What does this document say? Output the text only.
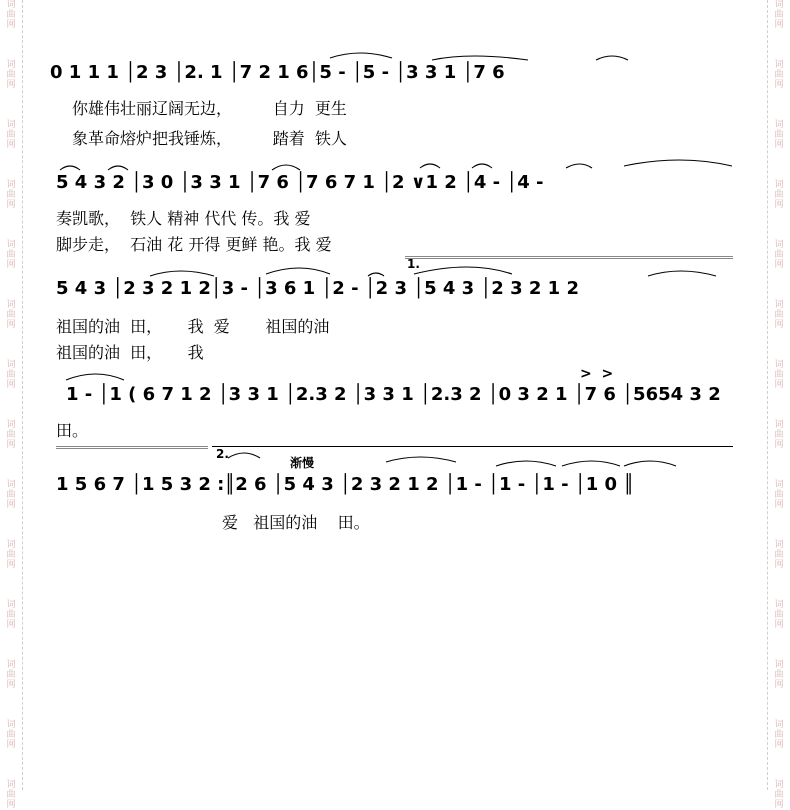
词
曲
网
词
曲
网
词
曲
网
词
曲
网
词
曲
网
词
曲
网
词
曲
网
词
曲
网
词
曲
网
词
曲
网
词
曲
网
词
曲
网
词
曲
网
词
曲
网
词
曲
网
词
曲
网
词
曲
网
词
曲
网
词
曲
网
词
曲
网
词
曲
网
词
曲
网
词
曲
网
词
曲
网
词
曲
网
词
曲
网
词
曲
网
词
曲
网
0 1 1 1 │2 3 │2. 1 │7 2 1 6│5 - │5 - │3 3 1 │7 6
你雄伟壮丽辽阔无边，        自力  更生
象革命熔炉把我锤炼，        踏着  铁人
5 4 3 2 │3 0 │3 3 1 │7 6 │7 6 7 1 │2 ∨1 2 │4 - │4 -
奏凯歌，  铁人 精神 代代 传。我 爱
脚步走，  石油 花 开得 更鲜 艳。我 爱
1.
5 4 3 │2 3 2 1 2│3 - │3 6 1 │2 - │2 3 │5 4 3 │2 3 2 1 2
祖国的油  田，     我  爱       祖国的油
祖国的油  田，     我
>  >
1 - │1 ( 6 7 1 2 │3 3 1 │2.3 2 │3 3 1 │2.3 2 │0 3 2 1 │7 6 │5654 3 2
田。
2.
渐慢
1 5 6 7 │1 5 3 2 :║2 6 │5 4 3 │2 3 2 1 2 │1 - │1 - │1 - │1 0 ║
爱   祖国的油    田。
